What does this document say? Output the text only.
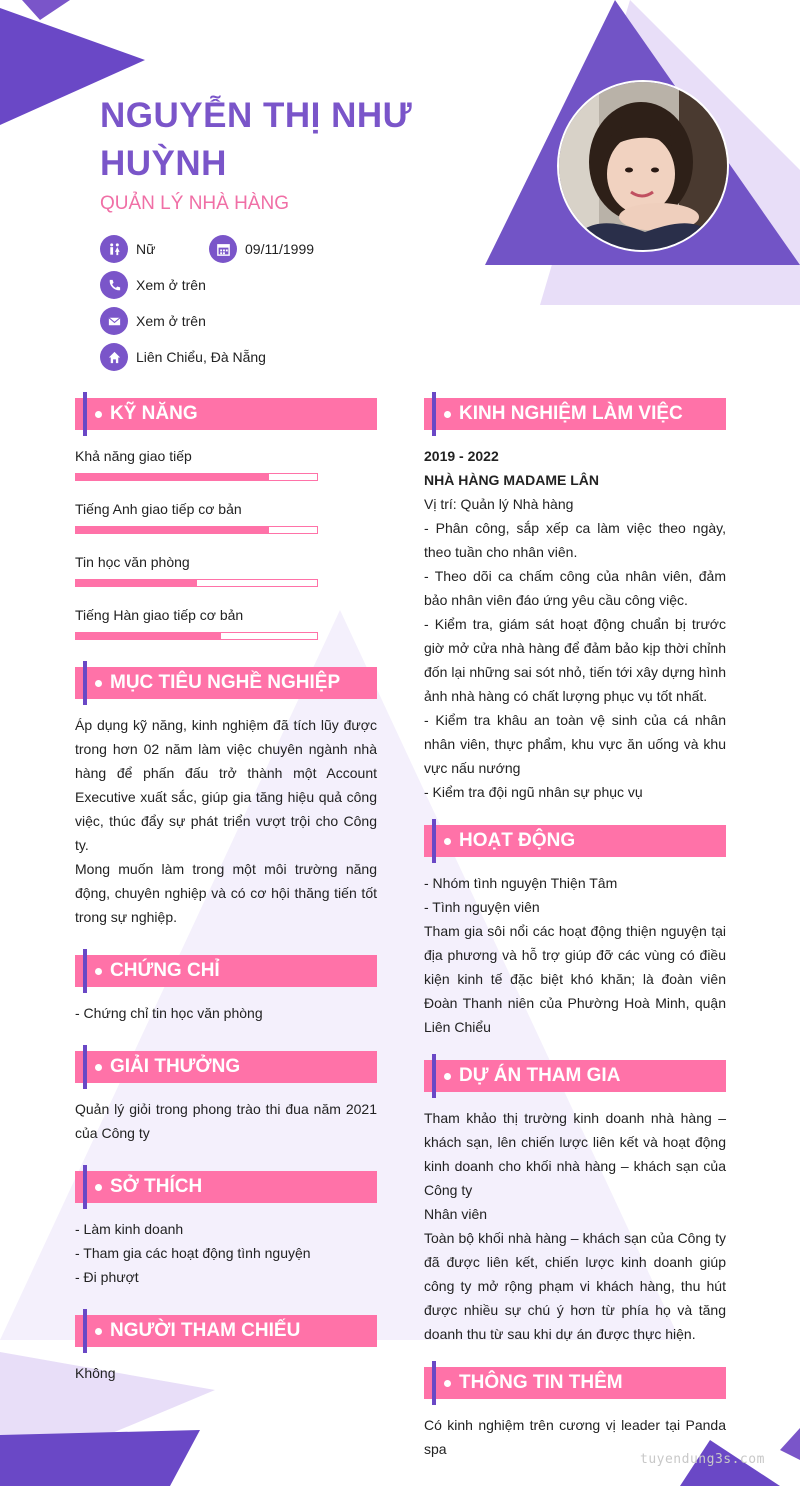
NGUYỄN THỊ NHƯ HUỲNH
QUẢN LÝ NHÀ HÀNG
Nữ	09/11/1999
Xem ở trên
Xem ở trên
Liên Chiểu, Đà Nẵng
KỸ NĂNG
Khả năng giao tiếp
Tiếng Anh giao tiếp cơ bản
Tin học văn phòng
Tiếng Hàn giao tiếp cơ bản
MỤC TIÊU NGHỀ NGHIỆP

Áp dụng kỹ năng, kinh nghiệm đã tích lũy được trong hơn 02 năm làm việc chuyên ngành nhà hàng để phấn đấu trở thành một Account Executive xuất sắc, giúp gia tăng hiệu quả công việc, thúc đẩy sự phát triển vượt trội cho Công ty.

Mong muốn làm trong một môi trường năng động, chuyên nghiệp và có cơ hội thăng tiến tốt trong sự nghiệp.

CHỨNG CHỈ
- Chứng chỉ tin học văn phòng
GIẢI THƯỞNG
Quản lý giỏi trong phong trào thi đua năm 2021 của Công ty
SỞ THÍCH

- Làm kinh doanh

- Tham gia các hoạt động tình nguyện

- Đi phượt

NGƯỜI THAM CHIẾU
Không
KINH NGHIỆM LÀM VIỆC

2019 - 2022

NHÀ HÀNG MADAME LÂN

Vị trí: Quản lý Nhà hàng

- Phân công, sắp xếp ca làm việc theo ngày, theo tuần cho nhân viên.

- Theo dõi ca chấm công của nhân viên, đảm bảo nhân viên đáo ứng yêu cầu công việc.

- Kiểm tra, giám sát hoạt động chuẩn bị trước giờ mở cửa nhà hàng để đảm bảo kịp thời chỉnh đốn lại những sai sót nhỏ, tiến tới xây dựng hình ảnh nhà hàng có chất lượng phục vụ tốt nhất.

- Kiểm tra khâu an toàn vệ sinh của cá nhân nhân viên, thực phẩm, khu vực ăn uống và khu vực nấu nướng

- Kiểm tra đội ngũ nhân sự phục vụ

HOẠT ĐỘNG

- Nhóm tình nguyện Thiện Tâm

- Tình nguyện viên

Tham gia sôi nổi các hoạt động thiện nguyện tại địa phương và hỗ trợ giúp đỡ các vùng có điều kiện kinh tế đặc biệt khó khăn; là đoàn viên Đoàn Thanh niên của Phường Hoà Minh, quận Liên Chiểu

DỰ ÁN THAM GIA

Tham khảo thị trường kinh doanh nhà hàng – khách sạn, lên chiến lược liên kết và hoạt động kinh doanh cho khối nhà hàng – khách sạn của Công ty

Nhân viên

Toàn bộ khối nhà hàng – khách sạn của Công ty đã được liên kết, chiến lược kinh doanh giúp công ty mở rộng phạm vi khách hàng, thu hút được nhiều sự chú ý hơn từ phía họ và tăng doanh thu từ sau khi dự án được thực hiện.

THÔNG TIN THÊM
Có kinh nghiệm trên cương vị leader tại Panda spa
tuyendung3s.com
